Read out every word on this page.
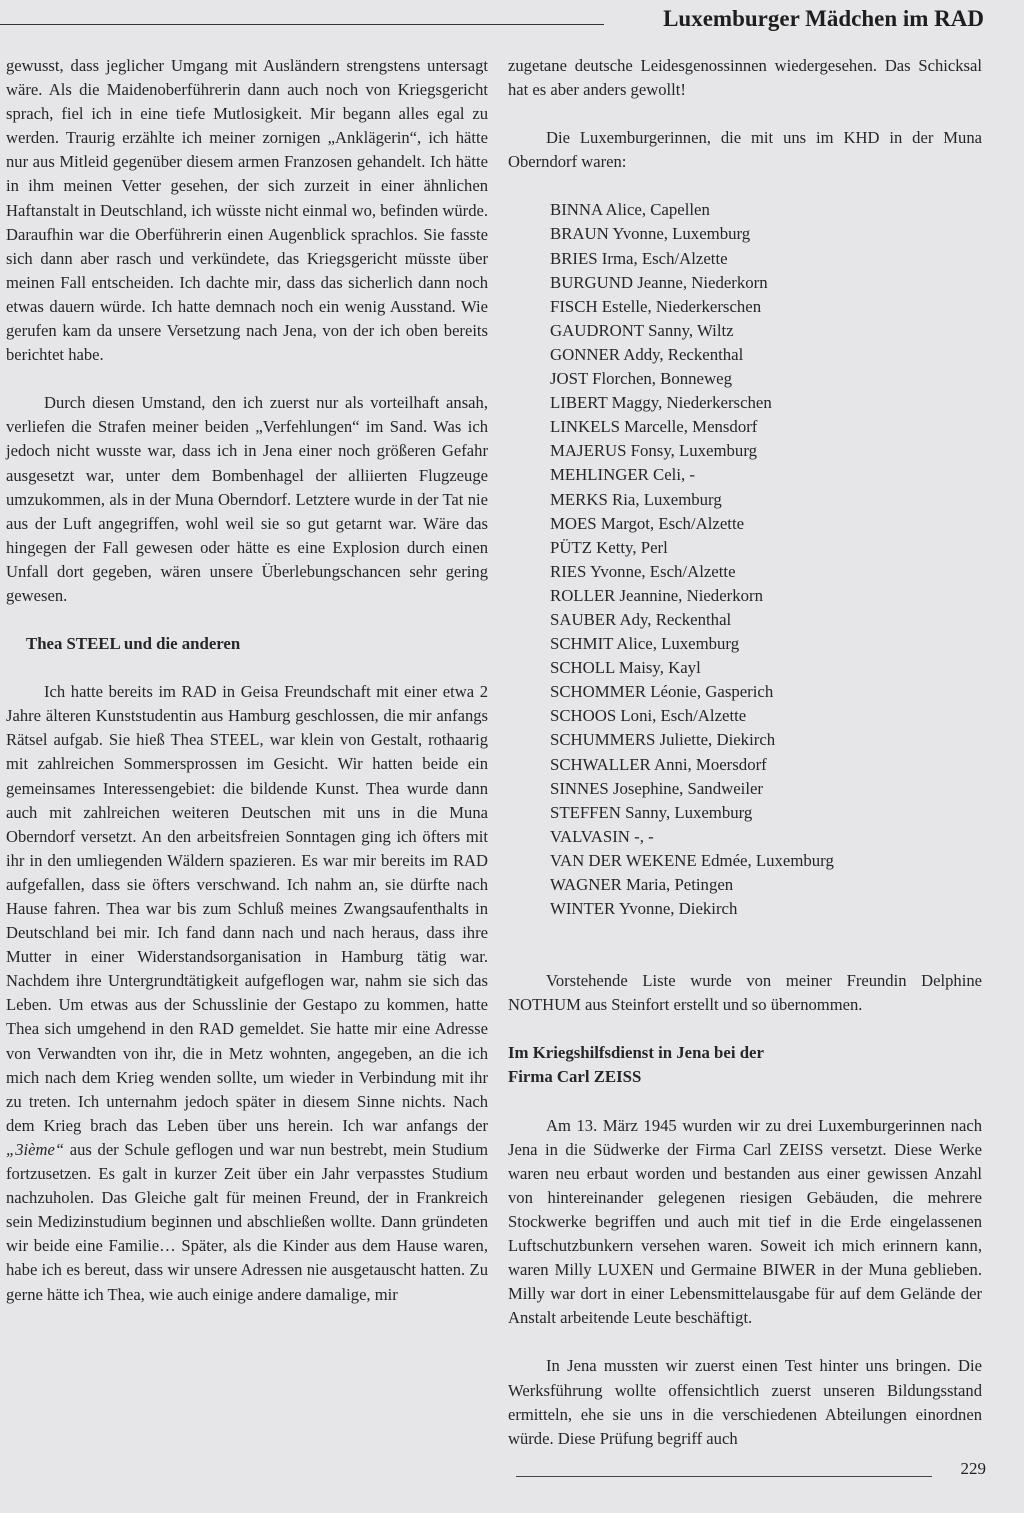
Luxemburger Mädchen im RAD

gewusst, dass jeglicher Umgang mit Ausländern strengstens untersagt wäre. Als die Maidenoberführerin dann auch noch von Kriegsgericht sprach, fiel ich in eine tiefe Mutlosigkeit. Mir begann alles egal zu werden. Traurig erzählte ich meiner zornigen „Anklägerin“, ich hätte nur aus Mitleid gegenüber diesem armen Franzosen gehandelt. Ich hätte in ihm meinen Vetter gesehen, der sich zurzeit in einer ähnlichen Haftanstalt in Deutschland, ich wüsste nicht einmal wo, befinden würde. Daraufhin war die Oberführerin einen Augenblick sprachlos. Sie fasste sich dann aber rasch und verkündete, das Kriegsgericht müsste über meinen Fall entscheiden. Ich dachte mir, dass das sicherlich dann noch etwas dauern würde. Ich hatte demnach noch ein wenig Ausstand. Wie gerufen kam da unsere Versetzung nach Jena, von der ich oben bereits berichtet habe.

Durch diesen Umstand, den ich zuerst nur als vorteilhaft ansah, verliefen die Strafen meiner beiden „Verfehlungen“ im Sand. Was ich jedoch nicht wusste war, dass ich in Jena einer noch größeren Gefahr ausgesetzt war, unter dem Bombenhagel der alliierten Flugzeuge umzukommen, als in der Muna Oberndorf. Letztere wurde in der Tat nie aus der Luft angegriffen, wohl weil sie so gut getarnt war. Wäre das hingegen der Fall gewesen oder hätte es eine Explosion durch einen Unfall dort gegeben, wären unsere Überlebungschancen sehr gering gewesen.

Thea STEEL und die anderen

Ich hatte bereits im RAD in Geisa Freundschaft mit einer etwa 2 Jahre älteren Kunststudentin aus Hamburg geschlossen, die mir anfangs Rätsel aufgab. Sie hieß Thea STEEL, war klein von Gestalt, rothaarig mit zahlreichen Sommersprossen im Gesicht. Wir hatten beide ein gemeinsames Interessengebiet: die bildende Kunst. Thea wurde dann auch mit zahlreichen weiteren Deutschen mit uns in die Muna Oberndorf versetzt. An den arbeitsfreien Sonntagen ging ich öfters mit ihr in den umliegenden Wäldern spazieren. Es war mir bereits im RAD aufgefallen, dass sie öfters verschwand. Ich nahm an, sie dürfte nach Hause fahren. Thea war bis zum Schluß meines Zwangsaufenthalts in Deutschland bei mir. Ich fand dann nach und nach heraus, dass ihre Mutter in einer Widerstandsorganisation in Hamburg tätig war. Nachdem ihre Untergrundtätigkeit aufgeflogen war, nahm sie sich das Leben. Um etwas aus der Schusslinie der Gestapo zu kommen, hatte Thea sich umgehend in den RAD gemeldet. Sie hatte mir eine Adresse von Verwandten von ihr, die in Metz wohnten, angegeben, an die ich mich nach dem Krieg wenden sollte, um wieder in Verbindung mit ihr zu treten. Ich unternahm jedoch später in diesem Sinne nichts. Nach dem Krieg brach das Leben über uns herein. Ich war anfangs der „3ième“ aus der Schule geflogen und war nun bestrebt, mein Studium fortzusetzen. Es galt in kurzer Zeit über ein Jahr verpasstes Studium nachzuholen. Das Gleiche galt für meinen Freund, der in Frankreich sein Medizinstudium beginnen und abschließen wollte. Dann gründeten wir beide eine Familie… Später, als die Kinder aus dem Hause waren, habe ich es bereut, dass wir unsere Adressen nie ausgetauscht hatten. Zu gerne hätte ich Thea, wie auch einige andere damalige, mir

zugetane deutsche Leidesgenossinnen wiedergesehen. Das Schicksal hat es aber anders gewollt!

Die Luxemburgerinnen, die mit uns im KHD in der Muna Oberndorf waren:

BINNA Alice, Capellen
BRAUN Yvonne, Luxemburg
BRIES Irma, Esch/Alzette
BURGUND Jeanne, Niederkorn
FISCH Estelle, Niederkerschen
GAUDRONT Sanny, Wiltz
GONNER Addy, Reckenthal
JOST Florchen, Bonneweg
LIBERT Maggy, Niederkerschen
LINKELS Marcelle, Mensdorf
MAJERUS Fonsy, Luxemburg
MEHLINGER Celi, -
MERKS Ria, Luxemburg
MOES Margot, Esch/Alzette
PÜTZ Ketty, Perl
RIES Yvonne, Esch/Alzette
ROLLER Jeannine, Niederkorn
SAUBER Ady, Reckenthal
SCHMIT Alice, Luxemburg
SCHOLL Maisy, Kayl
SCHOMMER Léonie, Gasperich
SCHOOS Loni, Esch/Alzette
SCHUMMERS Juliette, Diekirch
SCHWALLER Anni, Moersdorf
SINNES Josephine, Sandweiler
STEFFEN Sanny, Luxemburg
VALVASIN -, -
VAN DER WEKENE Edmée, Luxemburg
WAGNER Maria, Petingen
WINTER Yvonne, Diekirch

Vorstehende Liste wurde von meiner Freundin Delphine NOTHUM aus Steinfort erstellt und so übernommen.

Im Kriegshilfsdienst in Jena bei der
Firma Carl ZEISS

Am 13. März 1945 wurden wir zu drei Luxemburgerinnen nach Jena in die Südwerke der Firma Carl ZEISS versetzt. Diese Werke waren neu erbaut worden und bestanden aus einer gewissen Anzahl von hintereinander gelegenen riesigen Gebäuden, die mehrere Stockwerke begriffen und auch mit tief in die Erde eingelassenen Luftschutzbunkern versehen waren. Soweit ich mich erinnern kann, waren Milly LUXEN und Germaine BIWER in der Muna geblieben. Milly war dort in einer Lebensmittelausgabe für auf dem Gelände der Anstalt arbeitende Leute beschäftigt.

In Jena mussten wir zuerst einen Test hinter uns bringen. Die Werksführung wollte offensichtlich zuerst unseren Bildungsstand ermitteln, ehe sie uns in die verschiedenen Abteilungen einordnen würde. Diese Prüfung begriff auch

229
